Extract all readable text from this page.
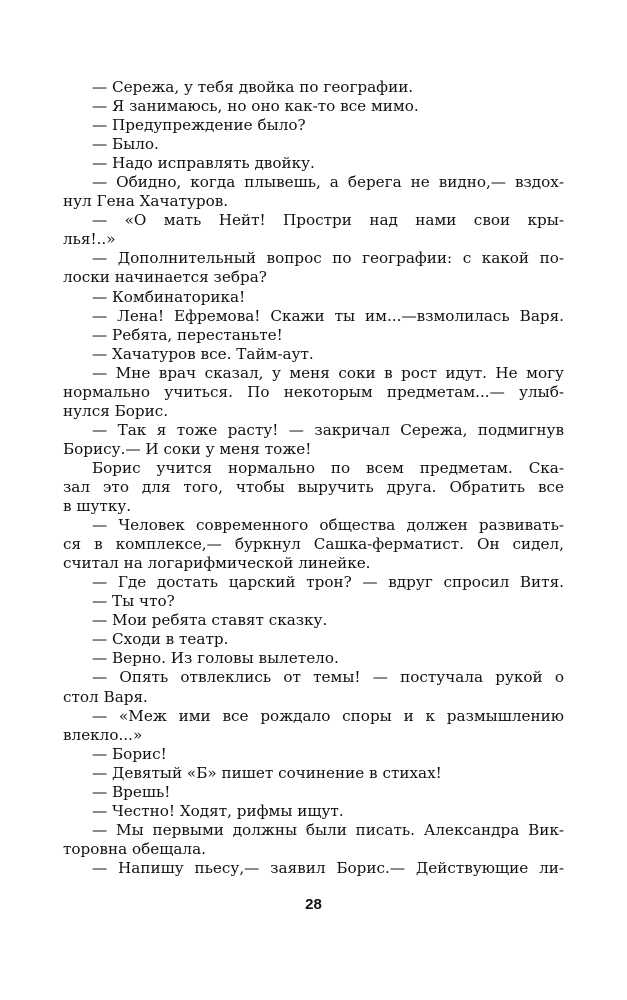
— Сережа, у тебя двойка по географии.
— Я занимаюсь, но оно как-то все мимо.
— Предупреждение было?
— Было.
— Надо исправлять двойку.
— Обидно, когда плывешь, а берега не видно,— вздох-
нул Гена Хачатуров.
— «О мать Нейт! Простри над нами свои кры-
лья!..»
— Дополнительный вопрос по географии: с какой по-
лоски начинается зебра?
— Комбинаторика!
— Лена! Ефремова! Скажи ты им...—взмолилась Варя.
— Ребята, перестаньте!
— Хачатуров все. Тайм-аут.
— Мне врач сказал, у меня соки в рост идут. Не могу
нормально учиться. По некоторым предметам...— улыб-
нулся Борис.
— Так я тоже расту! — закричал Сережа, подмигнув
Борису.— И соки у меня тоже!
Борис учится нормально по всем предметам. Ска-
зал это для того, чтобы выручить друга. Обратить все
в шутку.
— Человек современного общества должен развивать-
ся в комплексе,— буркнул Сашка-ферматист. Он сидел,
считал на логарифмической линейке.
— Где достать царский трон? — вдруг спросил Витя.
— Ты что?
— Мои ребята ставят сказку.
— Сходи в театр.
— Верно. Из головы вылетело.
— Опять отвлеклись от темы! — постучала рукой о
стол Варя.
— «Меж ими все рождало споры и к размышлению
влекло...»
— Борис!
— Девятый «Б» пишет сочинение в стихах!
— Врешь!
— Честно! Ходят, рифмы ищут.
— Мы первыми должны были писать. Александра Вик-
торовна обещала.
— Напишу пьесу,— заявил Борис.— Действующие ли-
28
